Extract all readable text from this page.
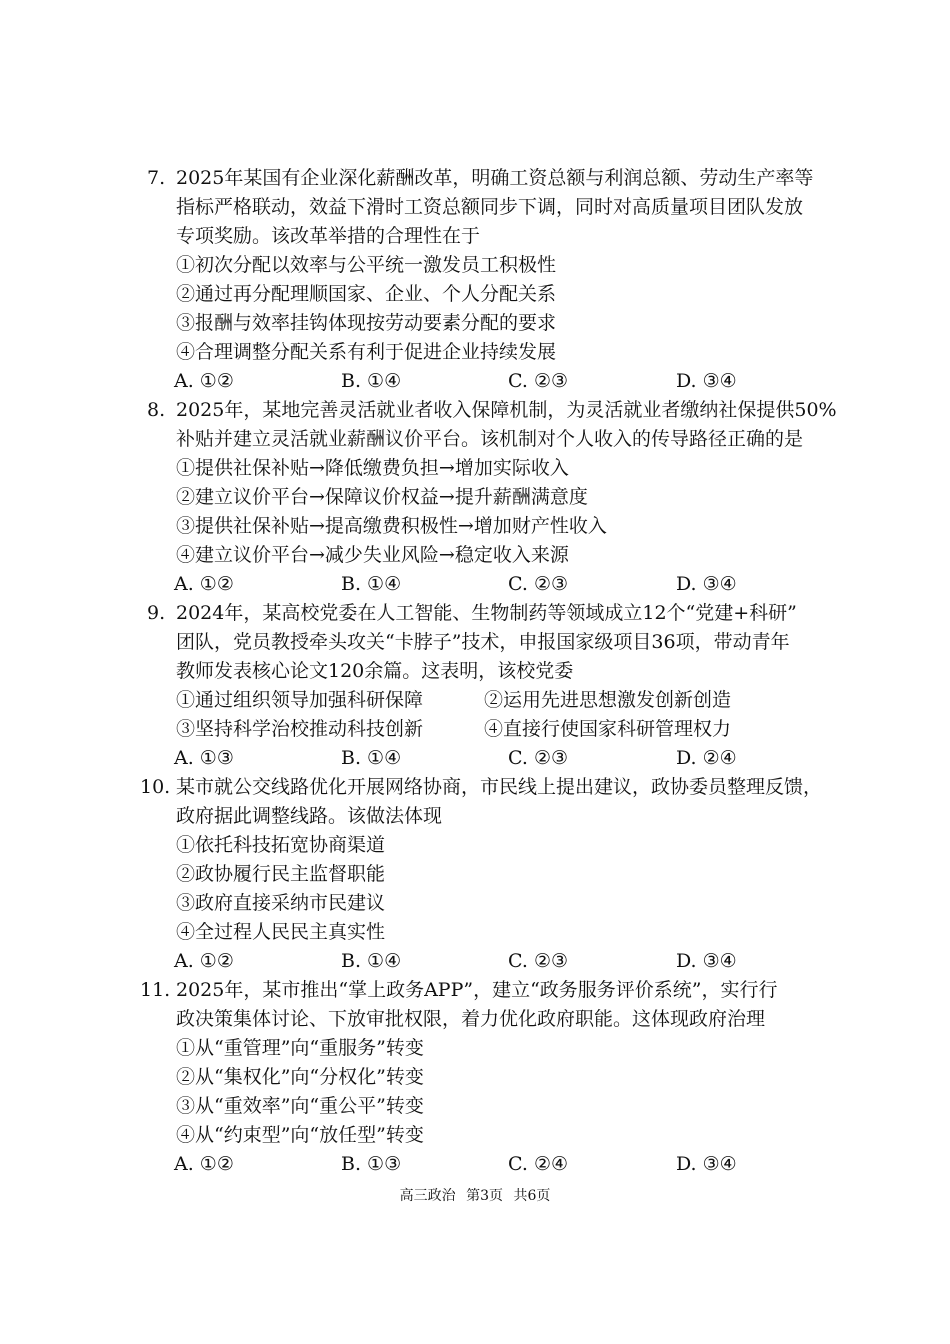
7. 2025年某国有企业深化薪酬改革，明确工资总额与利润总额、劳动生产率等
指标严格联动，效益下滑时工资总额同步下调，同时对高质量项目团队发放
专项奖励。该改革举措的合理性在于
①初次分配以效率与公平统一激发员工积极性
②通过再分配理顺国家、企业、个人分配关系
③报酬与效率挂钩体现按劳动要素分配的要求
④合理调整分配关系有利于促进企业持续发展
A. ①②	B. ①④	C. ②③	D. ③④
8. 2025年，某地完善灵活就业者收入保障机制，为灵活就业者缴纳社保提供50%
补贴并建立灵活就业薪酬议价平台。该机制对个人收入的传导路径正确的是
①提供社保补贴→降低缴费负担→增加实际收入
②建立议价平台→保障议价权益→提升薪酬满意度
③提供社保补贴→提高缴费积极性→增加财产性收入
④建立议价平台→减少失业风险→稳定收入来源
A. ①②	B. ①④	C. ②③	D. ③④
9. 2024年，某高校党委在人工智能、生物制药等领域成立12个“党建+科研”
团队，党员教授牵头攻关“卡脖子”技术，申报国家级项目36项，带动青年
教师发表核心论文120余篇。这表明，该校党委
①通过组织领导加强科研保障	②运用先进思想激发创新创造
③坚持科学治校推动科技创新	④直接行使国家科研管理权力
A. ①③	B. ①④	C. ②③	D. ②④
10. 某市就公交线路优化开展网络协商，市民线上提出建议，政协委员整理反馈，
政府据此调整线路。该做法体现
①依托科技拓宽协商渠道
②政协履行民主监督职能
③政府直接采纳市民建议
④全过程人民民主真实性
A. ①②	B. ①④	C. ②③	D. ③④
11. 2025年，某市推出“掌上政务APP”，建立“政务服务评价系统”，实行行
政决策集体讨论、下放审批权限，着力优化政府职能。这体现政府治理
①从“重管理”向“重服务”转变
②从“集权化”向“分权化”转变
③从“重效率”向“重公平”转变
④从“约束型”向“放任型”转变
A. ①②	B. ①③	C. ②④	D. ③④
高三政治 第3页 共6页
